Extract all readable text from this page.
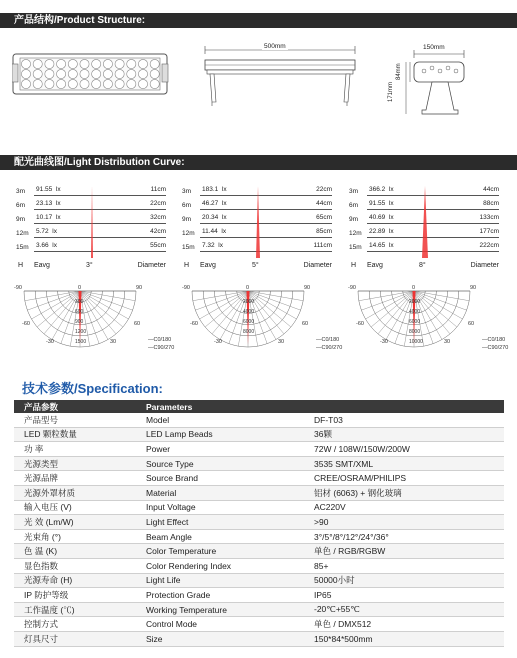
产品结构/Product Structure:
500mm	150mm
84mm
171mm
配光曲线图/Light Distribution Curve:
3m	91.55 lx	11cm
6m	23.13 lx	22cm
9m	10.17 lx	32cm
12m 5.72 lx	42cm
15m 3.66 lx	55cm
H Eavg	3°	Diameter
3m	183.1 lx	22cm
6m	46.27 lx	44cm
9m	20.34 lx	65cm
12m 11.44 lx	85cm
15m 7.32 lx	111cm
H Eavg	5°	Diameter
3m	366.2 lx	44cm
6m	91.55 lx	88cm
9m	40.69 lx	133cm
12m 22.89 lx	177cm
15m 14.65 lx	222cm
H Eavg	8°	Diameter
300
600
900
1200
1500
-90	90
-60	60
-30	30
0
—C0/180
—C90/270
2000
4000
6000
8000
-90	90
-60	60
-30	30
0
—C0/180
—C90/270
2000
4000
6000
8000
10000
-90	90
-60	60
-30	30
0
—C0/180
—C90/270
技术参数/Specification:
产品参数	Parameters	
产品型号	Model	DF-T03
LED 颗粒数量	LED Lamp Beads	36颗
功 率	Power	72W / 108W/150W/200W
光源类型	Source Type	3535 SMT/XML
光源品牌	Source Brand	CREE/OSRAM/PHILIPS
光源外罩材质	Material	铝材 (6063) + 钢化玻璃
输入电压 (V)	Input Voltage	AC220V
光 效 (Lm/W)	Light Effect	>90
光束角 (°)	Beam Angle	3°/5°/8°/12°/24°/36°
色 温 (K)	Color Temperature	单色 / RGB/RGBW
显色指数	Color Rendering Index	85+
光源寿命 (H)	Light Life	50000小时
IP 防护等级	Protection Grade	IP65
工作温度 (℃)	Working Temperature	-20℃+55℃
控制方式	Control Mode	单色 / DMX512
灯具尺寸	Size	150*84*500mm
